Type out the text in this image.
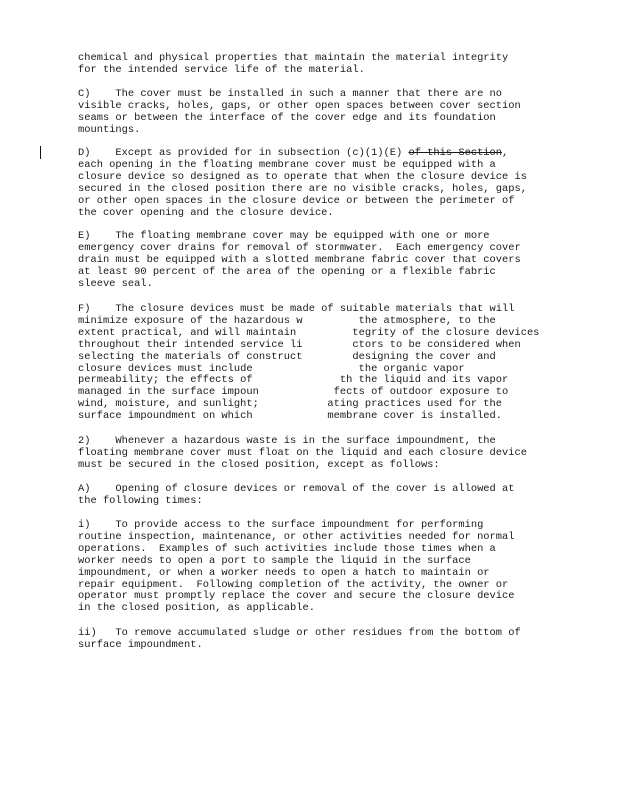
chemical and physical properties that maintain the material integrity
for the intended service life of the material.

C)    The cover must be installed in such a manner that there are no
visible cracks, holes, gaps, or other open spaces between cover section
seams or between the interface of the cover edge and its foundation
mountings.

D)    Except as provided for in subsection (c)(1)(E) of this Section,
each opening in the floating membrane cover must be equipped with a
closure device so designed as to operate that when the closure device is
secured in the closed position there are no visible cracks, holes, gaps,
or other open spaces in the closure device or between the perimeter of
the cover opening and the closure device.

E)    The floating membrane cover may be equipped with one or more
emergency cover drains for removal of stormwater.  Each emergency cover
drain must be equipped with a slotted membrane fabric cover that covers
at least 90 percent of the area of the opening or a flexible fabric
sleeve seal.

F)    The closure devices must be made of suitable materials that will
minimize exposure of the hazardous w         the atmosphere, to the
extent practical, and will maintain         tegrity of the closure devices
throughout their intended service li        ctors to be considered when
selecting the materials of construct        designing the cover and
closure devices must include                 the organic vapor
permeability; the effects of              th the liquid and its vapor
managed in the surface impoun            fects of outdoor exposure to
wind, moisture, and sunlight;           ating practices used for the
surface impoundment on which            membrane cover is installed.

2)    Whenever a hazardous waste is in the surface impoundment, the
floating membrane cover must float on the liquid and each closure device
must be secured in the closed position, except as follows:

A)    Opening of closure devices or removal of the cover is allowed at
the following times:

i)    To provide access to the surface impoundment for performing
routine inspection, maintenance, or other activities needed for normal
operations.  Examples of such activities include those times when a
worker needs to open a port to sample the liquid in the surface
impoundment, or when a worker needs to open a hatch to maintain or
repair equipment.  Following completion of the activity, the owner or
operator must promptly replace the cover and secure the closure device
in the closed position, as applicable.

ii)   To remove accumulated sludge or other residues from the bottom of
surface impoundment.
